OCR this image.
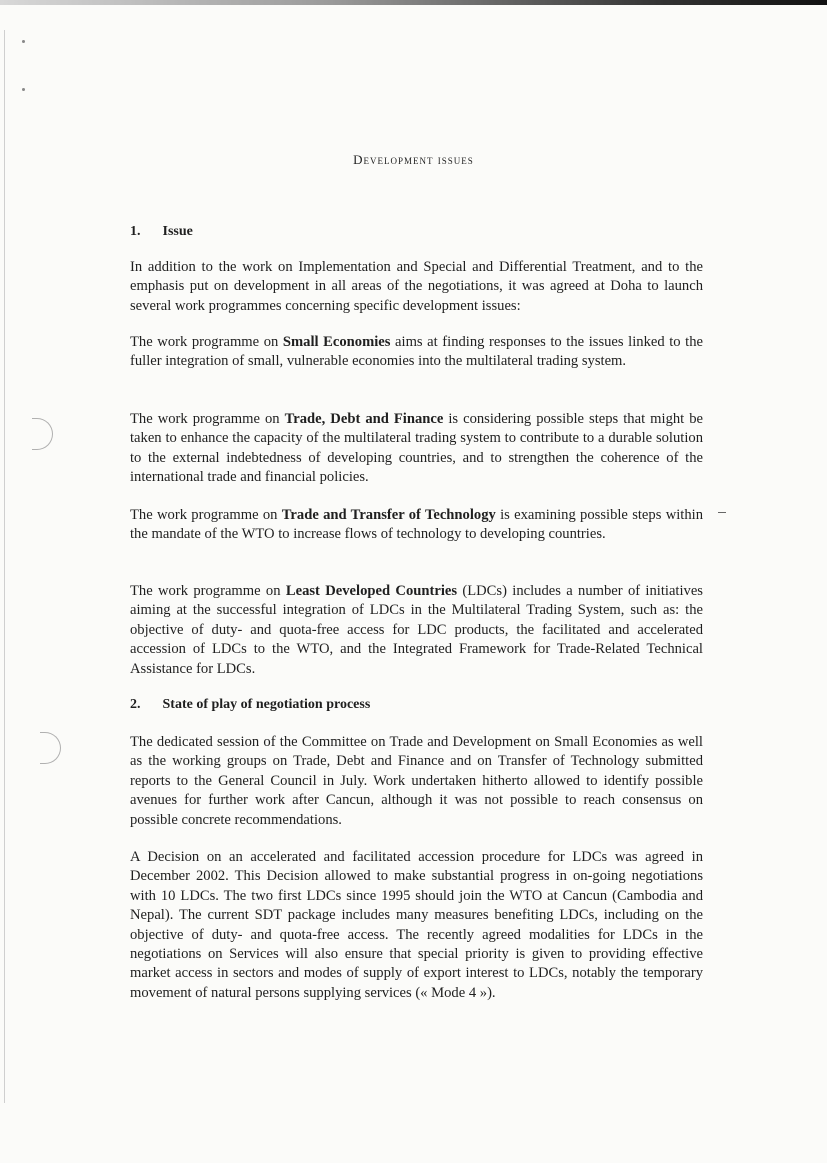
Development issues
1. Issue

In addition to the work on Implementation and Special and Differential Treatment, and to the emphasis put on development in all areas of the negotiations, it was agreed at Doha to launch several work programmes concerning specific development issues:

The work programme on Small Economies aims at finding responses to the issues linked to the fuller integration of small, vulnerable economies into the multilateral trading system.

The work programme on Trade, Debt and Finance is considering possible steps that might be taken to enhance the capacity of the multilateral trading system to contribute to a durable solution to the external indebtedness of developing countries, and to strengthen the coherence of the international trade and financial policies.

The work programme on Trade and Transfer of Technology is examining possible steps within the mandate of the WTO to increase flows of technology to developing countries.

The work programme on Least Developed Countries (LDCs) includes a number of initiatives aiming at the successful integration of LDCs in the Multilateral Trading System, such as: the objective of duty- and quota-free access for LDC products, the facilitated and accelerated accession of LDCs to the WTO, and the Integrated Framework for Trade-Related Technical Assistance for LDCs.

2. State of play of negotiation process

The dedicated session of the Committee on Trade and Development on Small Economies as well as the working groups on Trade, Debt and Finance and on Transfer of Technology submitted reports to the General Council in July. Work undertaken hitherto allowed to identify possible avenues for further work after Cancun, although it was not possible to reach consensus on possible concrete recommendations.

A Decision on an accelerated and facilitated accession procedure for LDCs was agreed in December 2002. This Decision allowed to make substantial progress in on-going negotiations with 10 LDCs. The two first LDCs since 1995 should join the WTO at Cancun (Cambodia and Nepal). The current SDT package includes many measures benefiting LDCs, including on the objective of duty- and quota-free access. The recently agreed modalities for LDCs in the negotiations on Services will also ensure that special priority is given to providing effective market access in sectors and modes of supply of export interest to LDCs, notably the temporary movement of natural persons supplying services (« Mode 4 »).
